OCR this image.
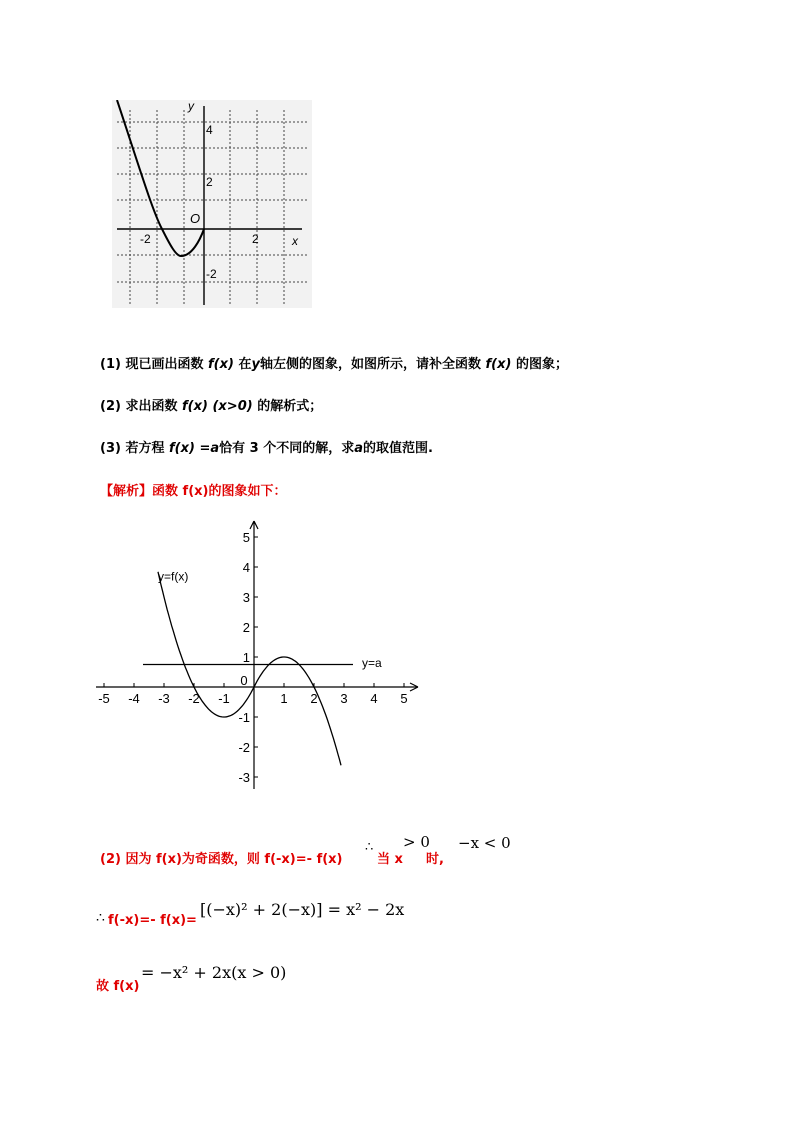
y
x
O
4
2
-2
-2	2
(1) 现已画出函数 f(x) 在y轴左侧的图象，如图所示，请补全函数 f(x) 的图象；
(2) 求出函数 f(x) (x>0) 的解析式；
(3) 若方程 f(x) =a恰有 3 个不同的解，求a的取值范围.
【解析】函数 f(x)的图象如下：
-5 -4 -3 -2 -1
0
1 2 3 4 5
-3
-2
-1
1
2
3
4
5
y=f(x)
y=a
(2) 因为 f(x)为奇函数，则 f(-x)=- f(x)
∴
当 x
> 0
时,
−x < 0
∴ f(-x)=- f(x)=
[(−x)² + 2(−x)] = x² − 2x
故 f(x)
= −x² + 2x(x > 0)
